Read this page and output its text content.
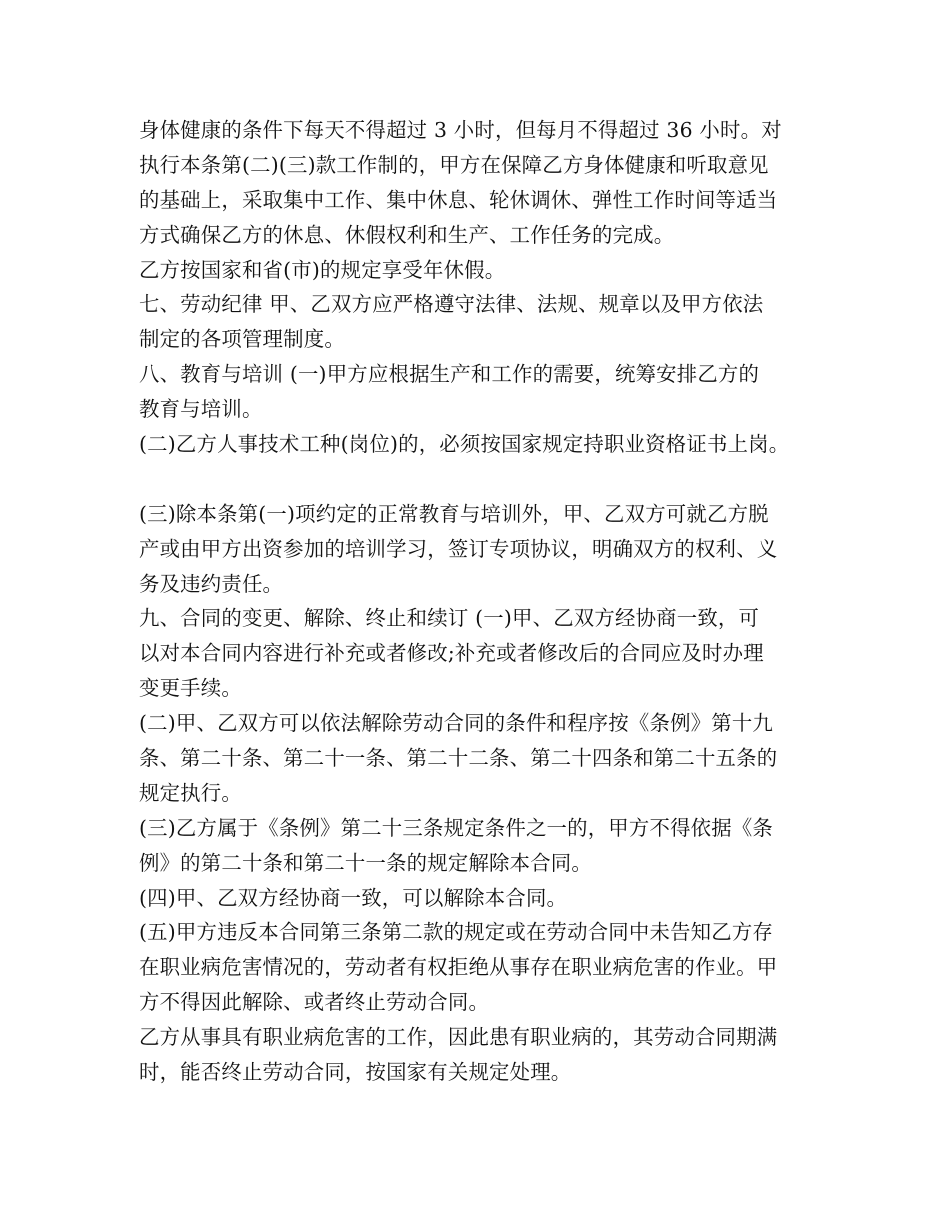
身体健康的条件下每天不得超过 3 小时，但每月不得超过 36 小时。对
执行本条第(二)(三)款工作制的，甲方在保障乙方身体健康和听取意见
的基础上，采取集中工作、集中休息、轮休调休、弹性工作时间等适当
方式确保乙方的休息、休假权利和生产、工作任务的完成。
乙方按国家和省(市)的规定享受年休假。
七、劳动纪律 甲、乙双方应严格遵守法律、法规、规章以及甲方依法
制定的各项管理制度。
八、教育与培训 (一)甲方应根据生产和工作的需要，统筹安排乙方的
教育与培训。
(二)乙方人事技术工种(岗位)的，必须按国家规定持职业资格证书上岗。
(三)除本条第(一)项约定的正常教育与培训外，甲、乙双方可就乙方脱
产或由甲方出资参加的培训学习，签订专项协议，明确双方的权利、义
务及违约责任。
九、合同的变更、解除、终止和续订 (一)甲、乙双方经协商一致，可
以对本合同内容进行补充或者修改;补充或者修改后的合同应及时办理
变更手续。
(二)甲、乙双方可以依法解除劳动合同的条件和程序按《条例》第十九
条、第二十条、第二十一条、第二十二条、第二十四条和第二十五条的
规定执行。
(三)乙方属于《条例》第二十三条规定条件之一的，甲方不得依据《条
例》的第二十条和第二十一条的规定解除本合同。
(四)甲、乙双方经协商一致，可以解除本合同。
(五)甲方违反本合同第三条第二款的规定或在劳动合同中未告知乙方存
在职业病危害情况的，劳动者有权拒绝从事存在职业病危害的作业。甲
方不得因此解除、或者终止劳动合同。
乙方从事具有职业病危害的工作，因此患有职业病的，其劳动合同期满
时，能否终止劳动合同，按国家有关规定处理。
